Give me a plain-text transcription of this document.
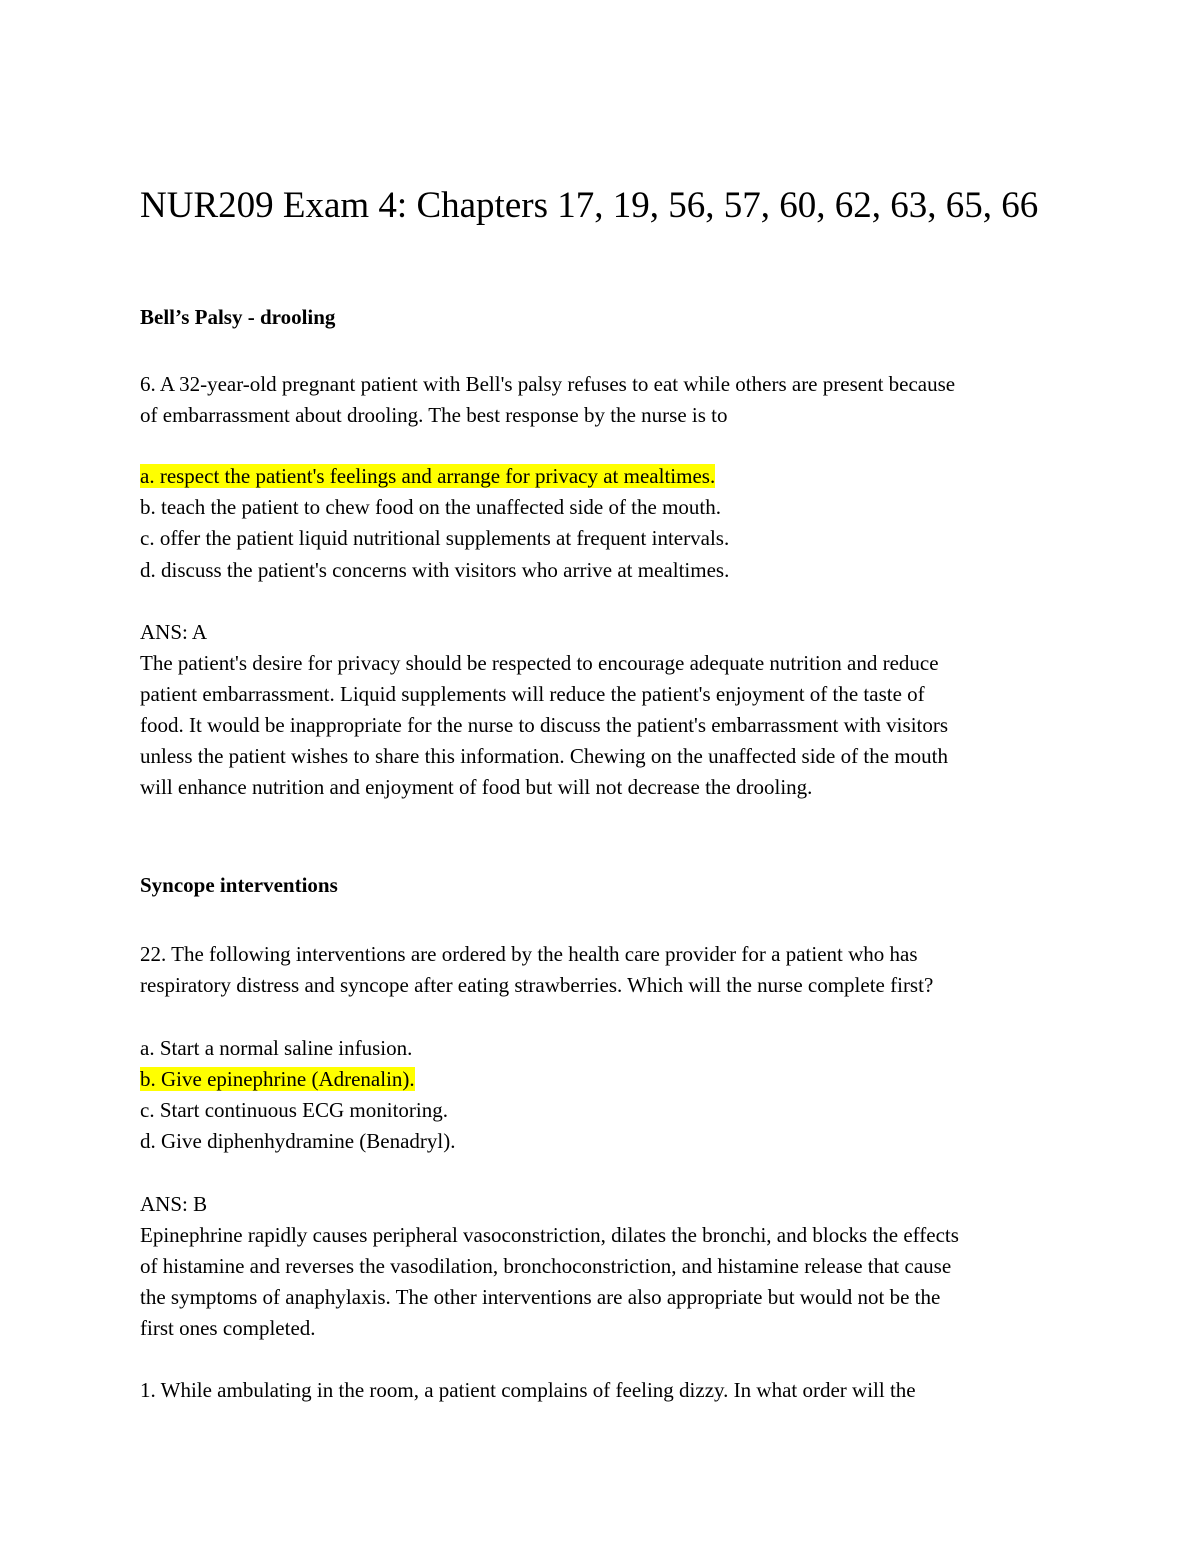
NUR209 Exam 4: Chapters 17, 19, 56, 57, 60, 62, 63, 65, 66
Bell’s Palsy - drooling
6. A 32-year-old pregnant patient with Bell's palsy refuses to eat while others are present because
of embarrassment about drooling. The best response by the nurse is to
a. respect the patient's feelings and arrange for privacy at mealtimes.
b. teach the patient to chew food on the unaffected side of the mouth.
c. offer the patient liquid nutritional supplements at frequent intervals.
d. discuss the patient's concerns with visitors who arrive at mealtimes.
ANS: A
The patient's desire for privacy should be respected to encourage adequate nutrition and reduce
patient embarrassment. Liquid supplements will reduce the patient's enjoyment of the taste of
food. It would be inappropriate for the nurse to discuss the patient's embarrassment with visitors
unless the patient wishes to share this information. Chewing on the unaffected side of the mouth
will enhance nutrition and enjoyment of food but will not decrease the drooling.
Syncope interventions
22. The following interventions are ordered by the health care provider for a patient who has
respiratory distress and syncope after eating strawberries. Which will the nurse complete first?
a. Start a normal saline infusion.
b. Give epinephrine (Adrenalin).
c. Start continuous ECG monitoring.
d. Give diphenhydramine (Benadryl).
ANS: B
Epinephrine rapidly causes peripheral vasoconstriction, dilates the bronchi, and blocks the effects
of histamine and reverses the vasodilation, bronchoconstriction, and histamine release that cause
the symptoms of anaphylaxis. The other interventions are also appropriate but would not be the
first ones completed.
1. While ambulating in the room, a patient complains of feeling dizzy. In what order will the
